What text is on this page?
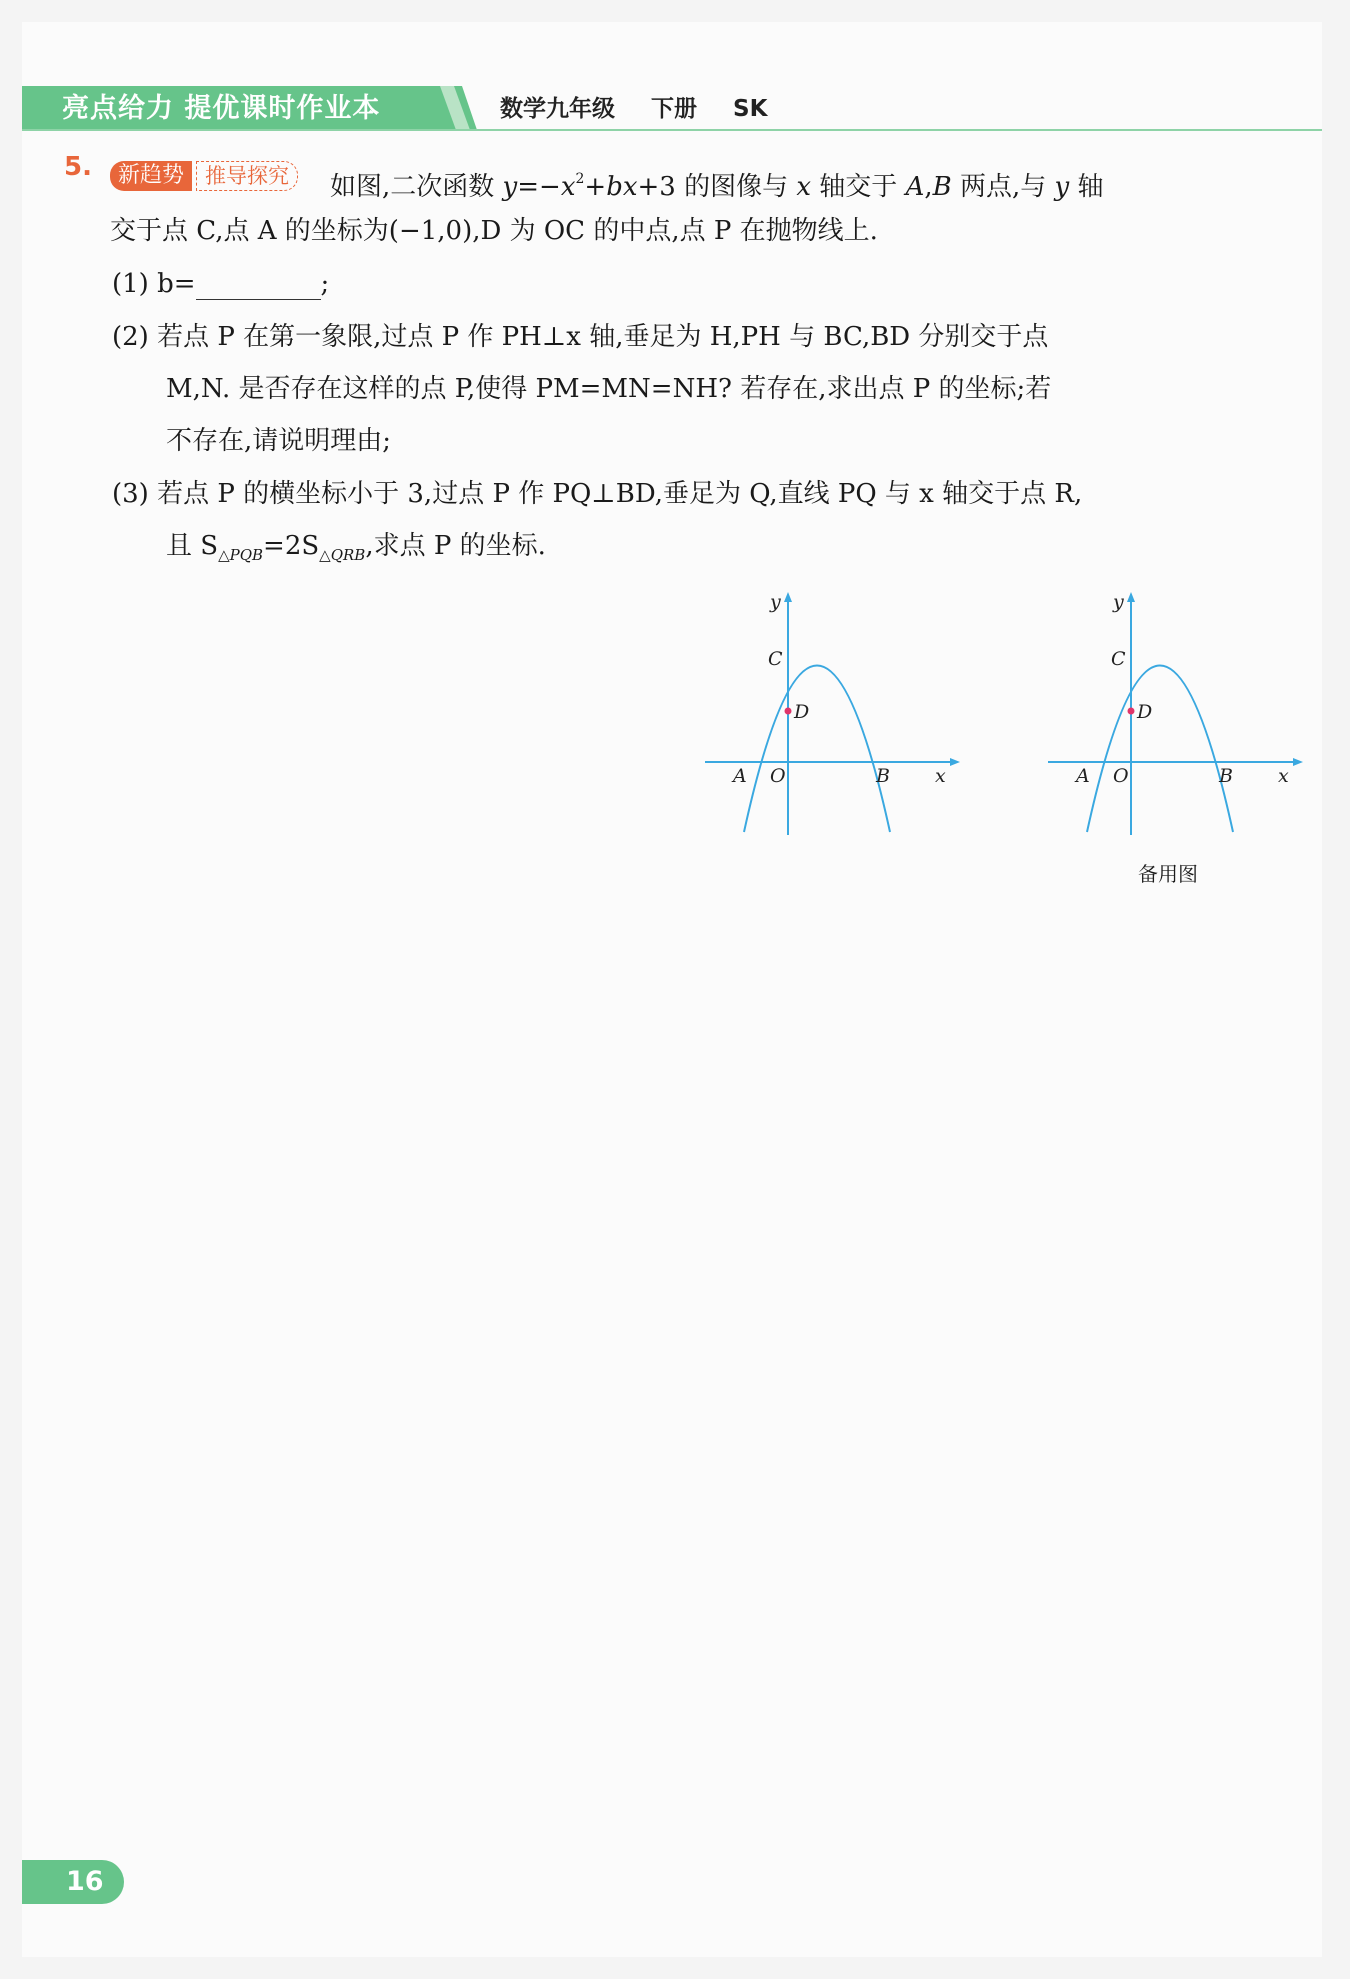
亮点给力 提优课时作业本	数学九年级 下册 SK
5.	新趋势 推导探究	如图,二次函数 $y=-x^2+bx+3$ 的图像与 x 轴交于 A,B 两点,与 y 轴
交于点 C,点 A 的坐标为(−1,0),D 为 OC 的中点,点 P 在抛物线上.
(1) b=	;
(2) 若点 P 在第一象限,过点 P 作 PH⊥x 轴,垂足为 H,PH 与 BC,BD 分别交于点
M,N. 是否存在这样的点 P,使得 PM=MN=NH? 若存在,求出点 P 的坐标;若
不存在,请说明理由;
(3) 若点 P 的横坐标小于 3,过点 P 作 PQ⊥BD,垂足为 Q,直线 PQ 与 x 轴交于点 R,
且 $S_{\triangle PQB}=2S_{\triangle QRB}$,求点 P 的坐标.
y
C
D
A O	B x
y
C
D
A O	B x
备用图
16
